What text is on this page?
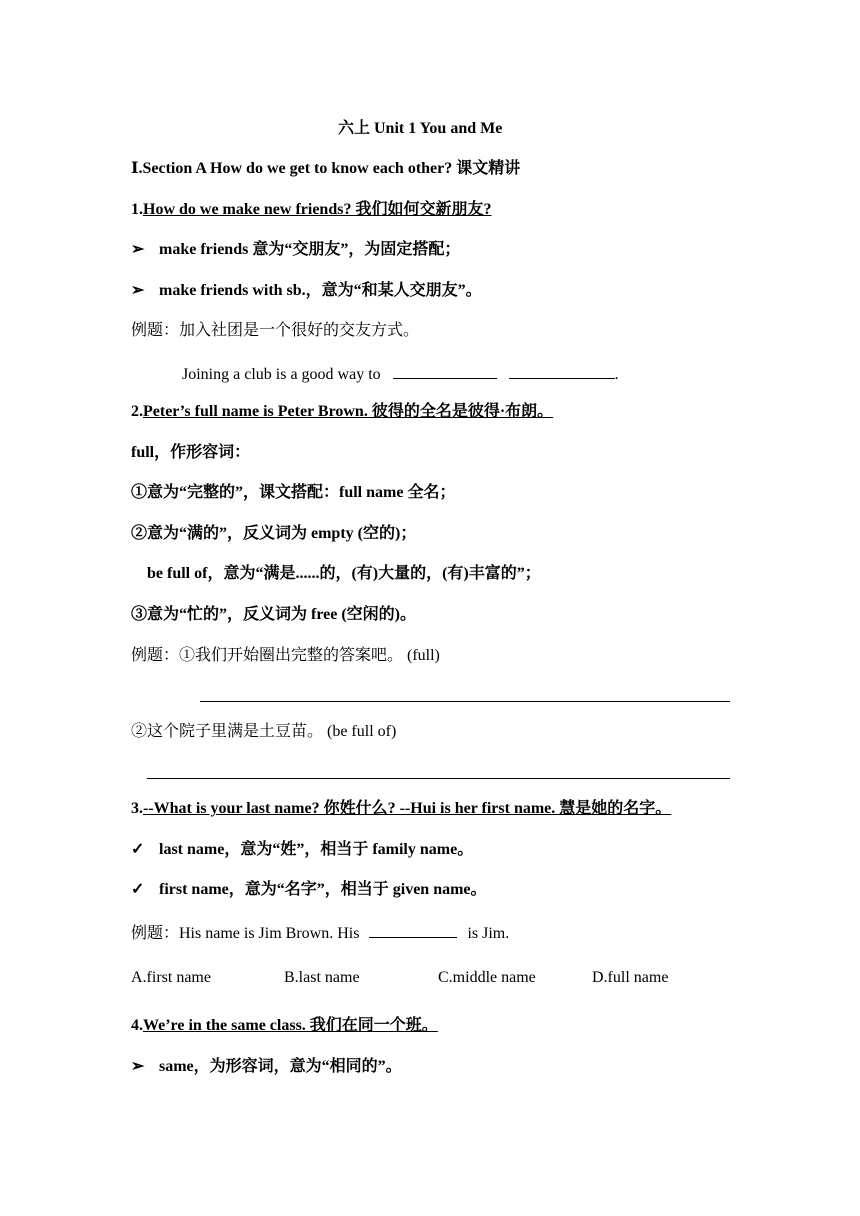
六上 Unit 1 You and Me
Ⅰ.Section A How do we get to know each other? 课文精讲
1.How do we make new friends? 我们如何交新朋友?
➢ make friends 意为“交朋友”，为固定搭配；
➢ make friends with sb.，意为“和某人交朋友”。
例题：加入社团是一个很好的交友方式。
Joining a club is a good way to	.
2.Peter’s full name is Peter Brown. 彼得的全名是彼得·布朗。
full，作形容词：
①意为“完整的”，课文搭配：full name 全名；
②意为“满的”，反义词为 empty (空的)；
be full of，意为“满是......的，(有)大量的，(有)丰富的”；
③意为“忙的”，反义词为 free (空闲的)。
例题：①我们开始圈出完整的答案吧。 (full)
②这个院子里满是土豆苗。 (be full of)
3.--What is your last name? 你姓什么? --Hui is her first name. 慧是她的名字。
✓ last name，意为“姓”，相当于 family name。
✓ first name，意为“名字”，相当于 given name。
例题：His name is Jim Brown. His	is Jim.
A.first name	B.last name	C.middle name	D.full name
4.We’re in the same class. 我们在同一个班。
➢ same，为形容词，意为“相同的”。
